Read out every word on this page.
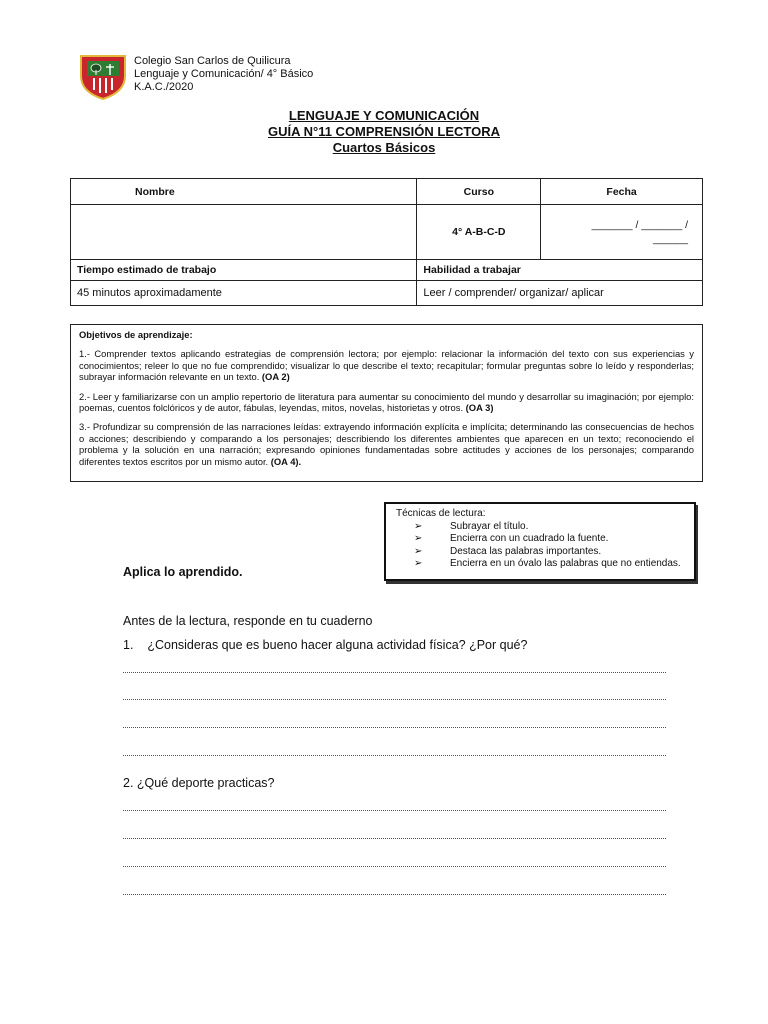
Colegio San Carlos de Quilicura
Lenguaje y Comunicación/ 4° Básico
K.A.C./2020
LENGUAJE Y COMUNICACIÓN
GUÍA N°11 COMPRENSIÓN LECTORA
Cuartos Básicos
Nombre	Curso	Fecha
	4° A-B-C-D	_______ / _______ /
______

Tiempo estimado de trabajo	Habilidad a trabajar	
45 minutos aproximadamente	Leer / comprender/ organizar/ aplicar	
Objetivos de aprendizaje:

1.- Comprender textos aplicando estrategias de comprensión lectora; por ejemplo: relacionar la información del texto con sus experiencias y conocimientos; releer lo que no fue comprendido; visualizar lo que describe el texto; recapitular; formular preguntas sobre lo leído y responderlas; subrayar información relevante en un texto. (OA 2)

2.- Leer y familiarizarse con un amplio repertorio de literatura para aumentar su conocimiento del mundo y desarrollar su imaginación; por ejemplo: poemas, cuentos folclóricos y de autor, fábulas, leyendas, mitos, novelas, historietas y otros. (OA 3)

3.- Profundizar su comprensión de las narraciones leídas: extrayendo información explícita e implícita; determinando las consecuencias de hechos o acciones; describiendo y comparando a los personajes; describiendo los diferentes ambientes que aparecen en un texto; reconociendo el problema y la solución en una narración; expresando opiniones fundamentadas sobre actitudes y acciones de los personajes; comparando diferentes textos escritos por un mismo autor. (OA 4).

Técnicas de lectura:
➢	Subrayar el título.
➢	Encierra con un cuadrado la fuente.
➢	Destaca las palabras importantes.
➢	Encierra en un óvalo las palabras que no entiendas.
Aplica lo aprendido.
Antes de la lectura, responde en tu cuaderno
1. ¿Consideras que es bueno hacer alguna actividad física? ¿Por qué?
2. ¿Qué deporte practicas?
